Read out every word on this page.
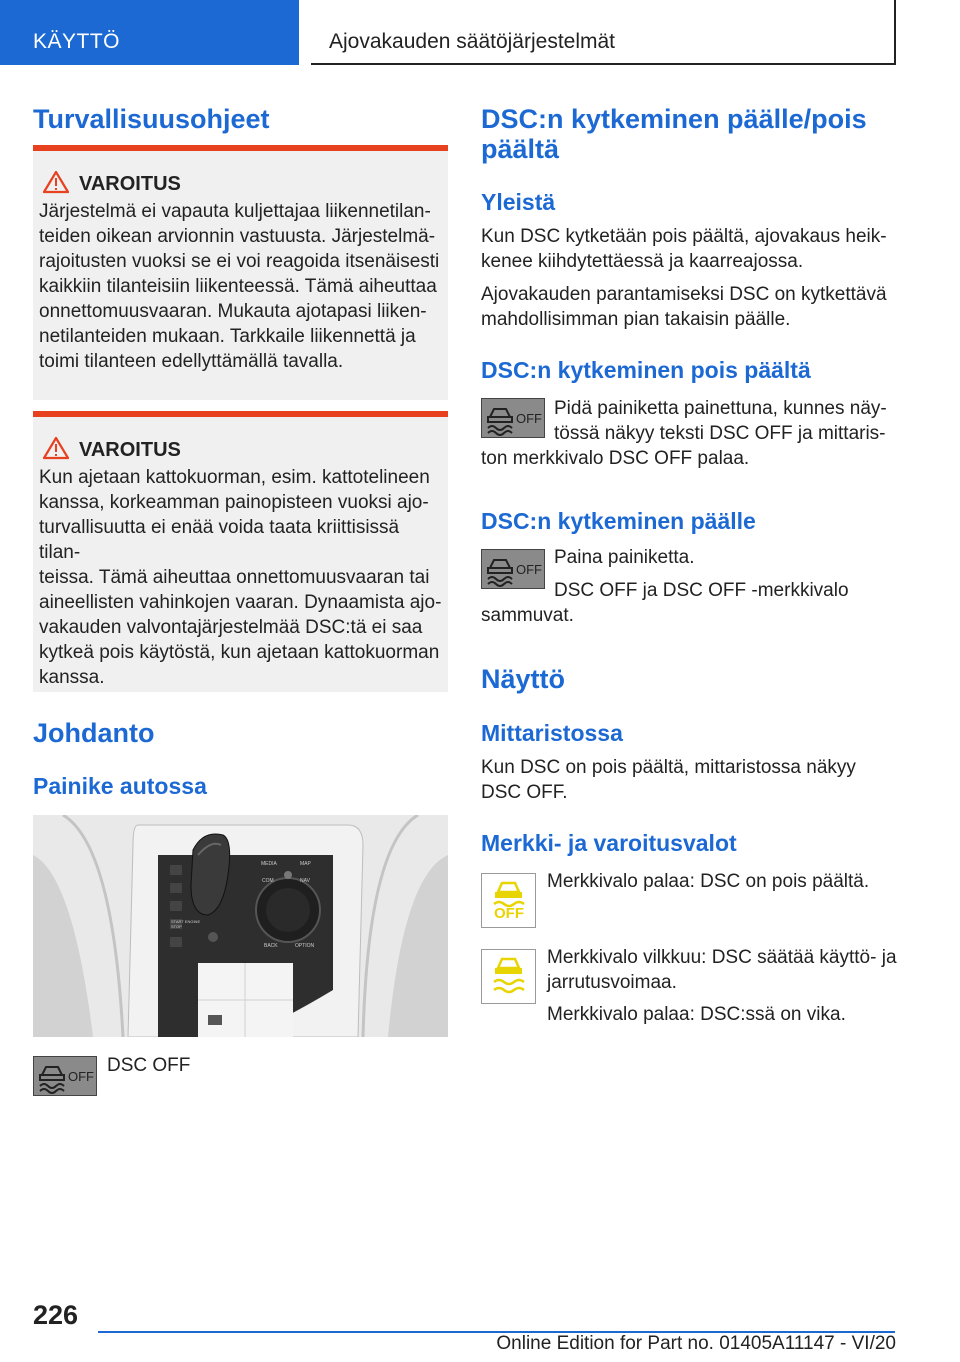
KÄYTTÖ	Ajovakauden säätöjärjestelmät
Turvallisuusohjeet
VAROITUS
Järjestelmä ei vapauta kuljettajaa liikennetilan-
teiden oikean arvionnin vastuusta. Järjestelmä-
rajoitusten vuoksi se ei voi reagoida itsenäisesti
kaikkiin tilanteisiin liikenteessä. Tämä aiheuttaa
onnettomuusvaaran. Mukauta ajotapasi liiken-
netilanteiden mukaan. Tarkkaile liikennettä ja
toimi tilanteen edellyttämällä tavalla.
VAROITUS
Kun ajetaan kattokuorman, esim. kattotelineen
kanssa, korkeamman painopisteen vuoksi ajo-
turvallisuutta ei enää voida taata kriittisissä tilan-
teissa. Tämä aiheuttaa onnettomuusvaaran tai
aineellisten vahinkojen vaaran. Dynaamista ajo-
vakauden valvontajärjestelmää DSC:tä ei saa
kytkeä pois käytöstä, kun ajetaan kattokuorman
kanssa.
Johdanto
Painike autossa
MEDIA
COM	NAV
MAP
BACK	OPTION
START ENGINE STOP
OFF
DSC OFF
DSC:n kytkeminen päälle/pois
päältä
Yleistä
Kun DSC kytketään pois päältä, ajovakaus heik-
kenee kiihdytettäessä ja kaarreajossa.
Ajovakauden parantamiseksi DSC on kytkettävä
mahdollisimman pian takaisin päälle.
DSC:n kytkeminen pois päältä
OFF Pidä painiketta painettuna, kunnes näy-
tössä näkyy teksti DSC OFF ja mittaris-
ton merkkivalo DSC OFF palaa.
DSC:n kytkeminen päälle
OFF
Paina painiketta.
DSC OFF ja DSC OFF -merkkivalo
sammuvat.
Näyttö
Mittaristossa
Kun DSC on pois päältä, mittaristossa näkyy
DSC OFF.
Merkki- ja varoitusvalot
OFF
Merkkivalo palaa: DSC on pois päältä.
Merkkivalo vilkkuu: DSC säätää käyttö- ja
jarrutusvoimaa.
Merkkivalo palaa: DSC:ssä on vika.
226
Online Edition for Part no. 01405A11147 - VI/20
